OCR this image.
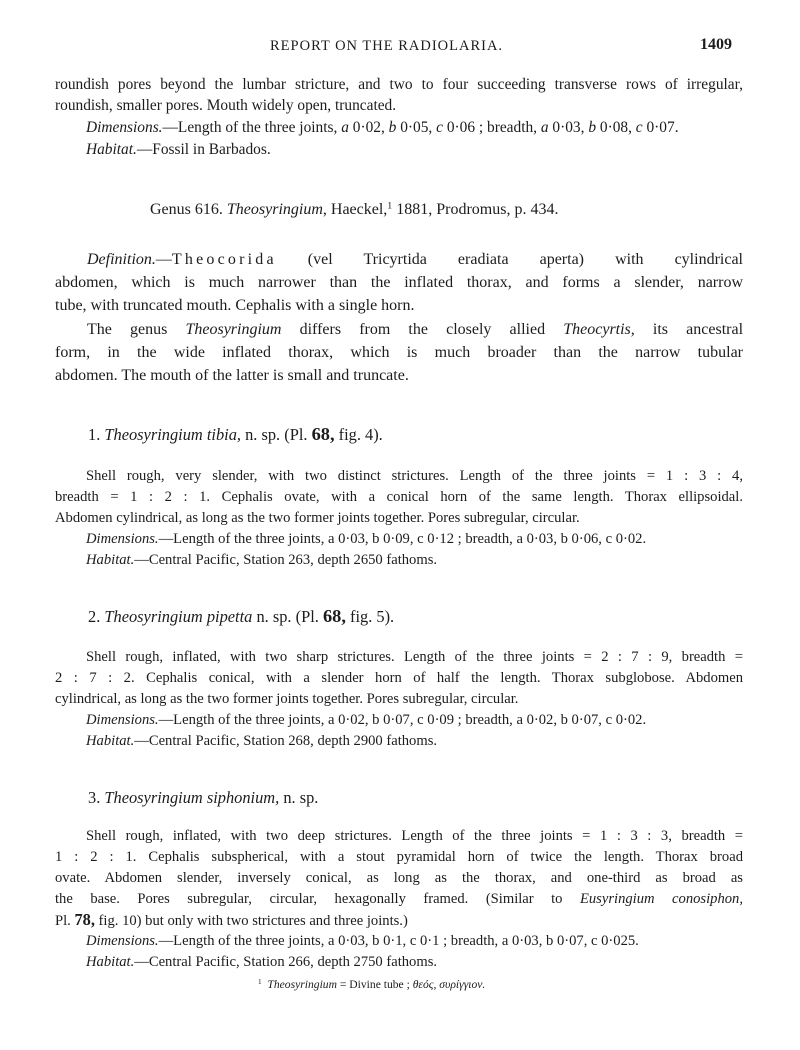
REPORT ON THE RADIOLARIA.	1409
roundish pores beyond the lumbar stricture, and two to four succeeding transverse rows of irregular,
roundish, smaller pores. Mouth widely open, truncated.
Dimensions.—Length of the three joints, a 0·02, b 0·05, c 0·06 ; breadth, a 0·03, b 0·08, c 0·07.
Habitat.—Fossil in Barbados.
Genus 616. Theosyringium, Haeckel,$^1$ 1881, Prodromus, p. 434.
Definition.—Theocorida (vel Tricyrtida eradiata aperta) with cylindrical
abdomen, which is much narrower than the inflated thorax, and forms a slender, narrow
tube, with truncated mouth. Cephalis with a single horn.
The genus Theosyringium differs from the closely allied Theocyrtis, its ancestral
form, in the wide inflated thorax, which is much broader than the narrow tubular
abdomen. The mouth of the latter is small and truncate.
1. Theosyringium tibia, n. sp. (Pl. 68, fig. 4).
Shell rough, very slender, with two distinct strictures. Length of the three joints = 1 : 3 : 4,
breadth = 1 : 2 : 1. Cephalis ovate, with a conical horn of the same length. Thorax ellipsoidal.
Abdomen cylindrical, as long as the two former joints together. Pores subregular, circular.
Dimensions.—Length of the three joints, a 0·03, b 0·09, c 0·12 ; breadth, a 0·03, b 0·06, c 0·02.
Habitat.—Central Pacific, Station 263, depth 2650 fathoms.
2. Theosyringium pipetta n. sp. (Pl. 68, fig. 5).
Shell rough, inflated, with two sharp strictures. Length of the three joints = 2 : 7 : 9, breadth =
2 : 7 : 2. Cephalis conical, with a slender horn of half the length. Thorax subglobose. Abdomen
cylindrical, as long as the two former joints together. Pores subregular, circular.
Dimensions.—Length of the three joints, a 0·02, b 0·07, c 0·09 ; breadth, a 0·02, b 0·07, c 0·02.
Habitat.—Central Pacific, Station 268, depth 2900 fathoms.
3. Theosyringium siphonium, n. sp.
Shell rough, inflated, with two deep strictures. Length of the three joints = 1 : 3 : 3, breadth =
1 : 2 : 1. Cephalis subspherical, with a stout pyramidal horn of twice the length. Thorax broad
ovate. Abdomen slender, inversely conical, as long as the thorax, and one-third as broad as
the base. Pores subregular, circular, hexagonally framed. (Similar to Eusyringium conosiphon,
Pl. 78, fig. 10) but only with two strictures and three joints.)
Dimensions.—Length of the three joints, a 0·03, b 0·1, c 0·1 ; breadth, a 0·03, b 0·07, c 0·025.
Habitat.—Central Pacific, Station 266, depth 2750 fathoms.
$^1$ Theosyringium = Divine tube ; θεός, συρίγγιον.
